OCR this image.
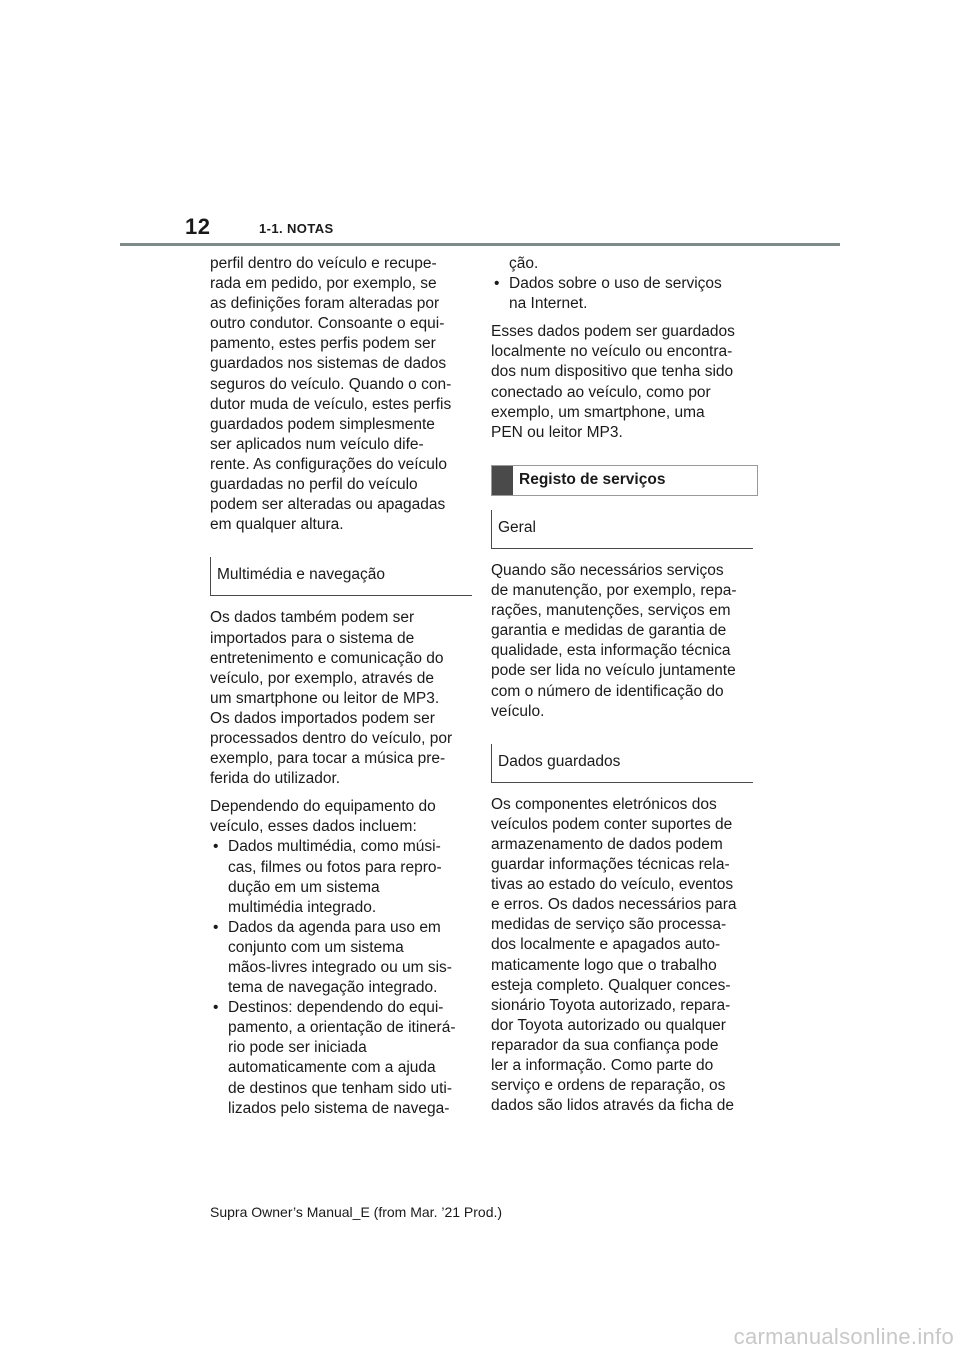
12	1-1. NOTAS

perfil dentro do veículo e recupe-
rada em pedido, por exemplo, se
as definições foram alteradas por
outro condutor. Consoante o equi-
pamento, estes perfis podem ser
guardados nos sistemas de dados
seguros do veículo. Quando o con-
dutor muda de veículo, estes perfis
guardados podem simplesmente
ser aplicados num veículo dife-
rente. As configurações do veículo
guardadas no perfil do veículo
podem ser alteradas ou apagadas
em qualquer altura.

Multimédia e navegação

Os dados também podem ser
importados para o sistema de
entretenimento e comunicação do
veículo, por exemplo, através de
um smartphone ou leitor de MP3.
Os dados importados podem ser
processados dentro do veículo, por
exemplo, para tocar a música pre-
ferida do utilizador.

Dependendo do equipamento do
veículo, esses dados incluem:

• Dados multimédia, como músi-
cas, filmes ou fotos para repro-
dução em um sistema
multimédia integrado.
• Dados da agenda para uso em
conjunto com um sistema
mãos-livres integrado ou um sis-
tema de navegação integrado.
• Destinos: dependendo do equi-
pamento, a orientação de itinerá-
rio pode ser iniciada
automaticamente com a ajuda
de destinos que tenham sido uti-
lizados pelo sistema de navega-
ção.
• Dados sobre o uso de serviços
na Internet.

Esses dados podem ser guardados
localmente no veículo ou encontra-
dos num dispositivo que tenha sido
conectado ao veículo, como por
exemplo, um smartphone, uma
PEN ou leitor MP3.

Registo de serviços
Geral

Quando são necessários serviços
de manutenção, por exemplo, repa-
rações, manutenções, serviços em
garantia e medidas de garantia de
qualidade, esta informação técnica
pode ser lida no veículo juntamente
com o número de identificação do
veículo.

Dados guardados

Os componentes eletrónicos dos
veículos podem conter suportes de
armazenamento de dados podem
guardar informações técnicas rela-
tivas ao estado do veículo, eventos
e erros. Os dados necessários para
medidas de serviço são processa-
dos localmente e apagados auto-
maticamente logo que o trabalho
esteja completo. Qualquer conces-
sionário Toyota autorizado, repara-
dor Toyota autorizado ou qualquer
reparador da sua confiança pode
ler a informação. Como parte do
serviço e ordens de reparação, os
dados são lidos através da ficha de

Supra Owner’s Manual_E (from Mar. ’21 Prod.)
carmanualsonline.info
